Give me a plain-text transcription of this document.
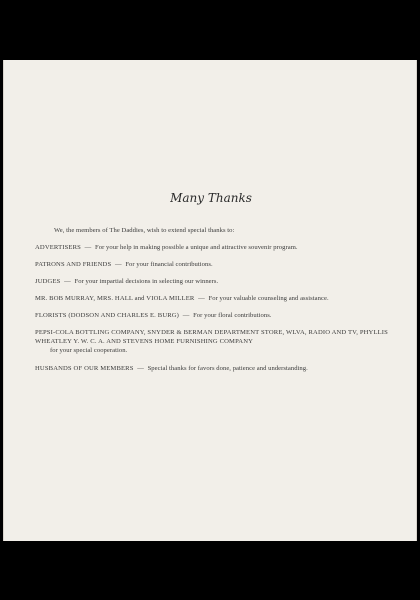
Many Thanks
We, the members of The Daddies, wish to extend special thanks to:
ADVERTISERS — For your help in making possible a unique and attractive souvenir program.
PATRONS AND FRIENDS — For your financial contributions.
JUDGES — For your impartial decisions in selecting our winners.
MR. BOB MURRAY, MRS. HALL and VIOLA MILLER — For your valuable counseling and assistance.
FLORISTS (DODSON AND CHARLES E. BURG) — For your floral contributions.
PEPSI-COLA BOTTLING COMPANY, SNYDER & BERMAN DEPARTMENT STORE, WLVA, RADIO AND TV, PHYLLIS WHEATLEY Y. W. C. A. AND STEVENS HOME FURNISHING COMPANY
for your special cooperation.
HUSBANDS OF OUR MEMBERS — Special thanks for favors done, patience and understanding.
